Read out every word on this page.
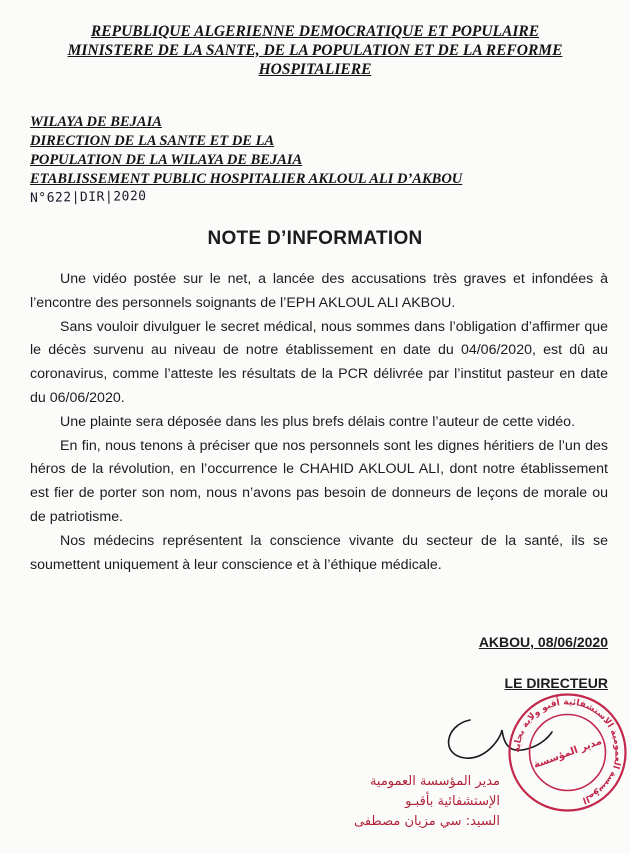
REPUBLIQUE ALGERIENNE DEMOCRATIQUE ET POPULAIRE
MINISTERE DE LA SANTE, DE LA POPULATION ET DE LA REFORME
HOSPITALIERE
WILAYA DE BEJAIA
DIRECTION DE LA SANTE ET DE LA
POPULATION DE LA WILAYA DE BEJAIA
ETABLISSEMENT PUBLIC HOSPITALIER AKLOUL ALI D’AKBOU
N°622|DIR|2020
NOTE D’INFORMATION

Une vidéo postée sur le net, a lancée des accusations très graves et infondées à l’encontre des personnels soignants de l’EPH AKLOUL ALI AKBOU.

Sans vouloir divulguer le secret médical, nous sommes dans l’obligation d’affirmer que le décès survenu au niveau de notre établissement en date du 04/06/2020, est dû au coronavirus, comme l’atteste les résultats de la PCR délivrée par l’institut pasteur en date du 06/06/2020.

Une plainte sera déposée dans les plus brefs délais contre l’auteur de cette vidéo.

En fin, nous tenons à préciser que nos personnels sont les dignes héritiers de l’un des héros de la révolution, en l’occurrence le CHAHID AKLOUL ALI, dont notre établissement est fier de porter son nom, nous n’avons pas besoin de donneurs de leçons de morale ou de patriotisme.

Nos médecins représentent la conscience vivante du secteur de la santé, ils se soumettent uniquement à leur conscience et à l’éthique médicale.

AKBOU, 08/06/2020
LE DIRECTEUR
المؤسسة العمومية الاستشفائية أقبو ولاية بجاية
مدير المؤسسة
مدير المؤسسة العمومية
الإستشفائية بأقبـو
السيد: سي مزيان مصطفى
